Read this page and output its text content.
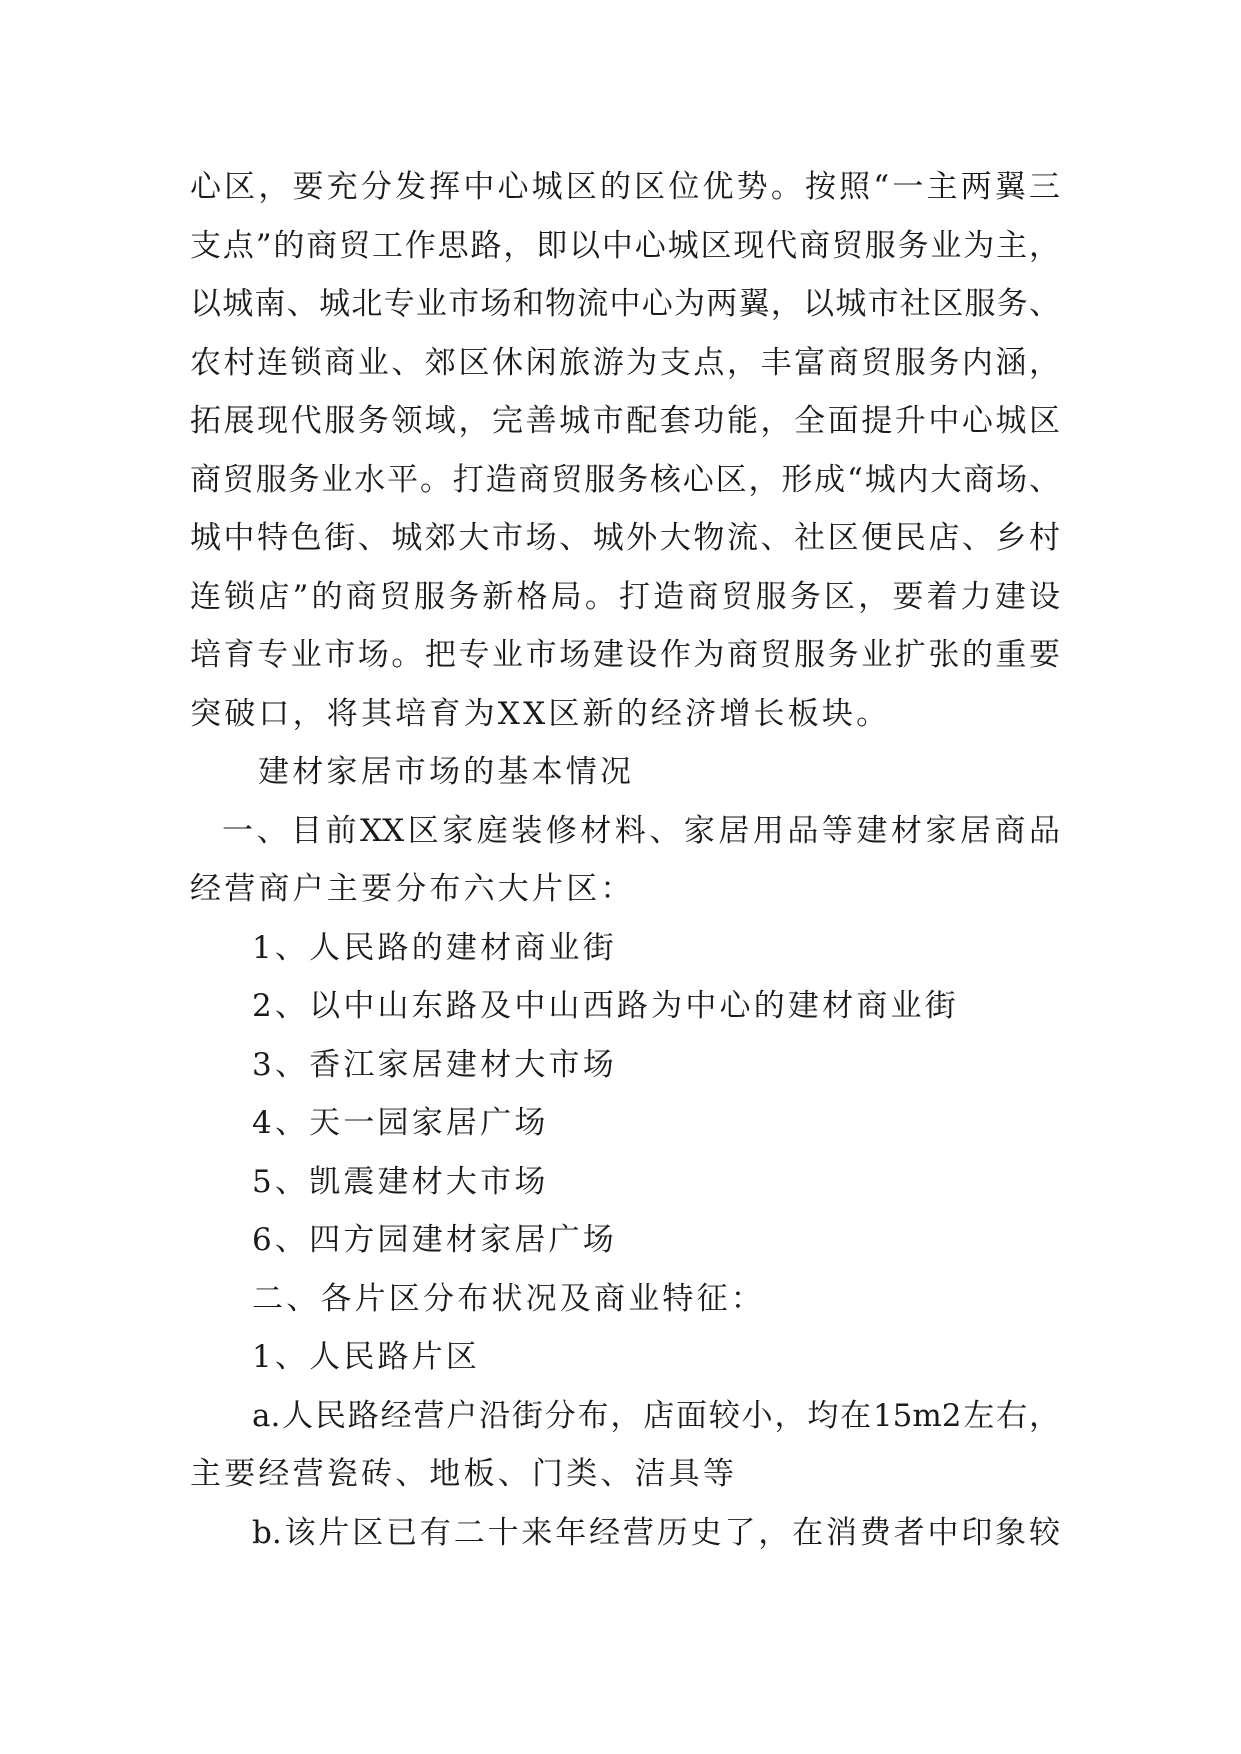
心区，要充分发挥中心城区的区位优势。按照“一主两翼三
支点”的商贸工作思路，即以中心城区现代商贸服务业为主，
以城南、城北专业市场和物流中心为两翼，以城市社区服务、
农村连锁商业、郊区休闲旅游为支点，丰富商贸服务内涵，
拓展现代服务领域，完善城市配套功能，全面提升中心城区
商贸服务业水平。打造商贸服务核心区，形成“城内大商场、
城中特色街、城郊大市场、城外大物流、社区便民店、乡村
连锁店”的商贸服务新格局。打造商贸服务区，要着力建设
培育专业市场。把专业市场建设作为商贸服务业扩张的重要
突破口，将其培育为XX区新的经济增长板块。
建材家居市场的基本情况
一、目前XX区家庭装修材料、家居用品等建材家居商品
经营商户主要分布六大片区：
1、人民路的建材商业街
2、以中山东路及中山西路为中心的建材商业街
3、香江家居建材大市场
4、天一园家居广场
5、凯震建材大市场
6、四方园建材家居广场
二、各片区分布状况及商业特征：
1、人民路片区
a.人民路经营户沿街分布，店面较小，均在15m2左右，
主要经营瓷砖、地板、门类、洁具等
b.该片区已有二十来年经营历史了，在消费者中印象较
